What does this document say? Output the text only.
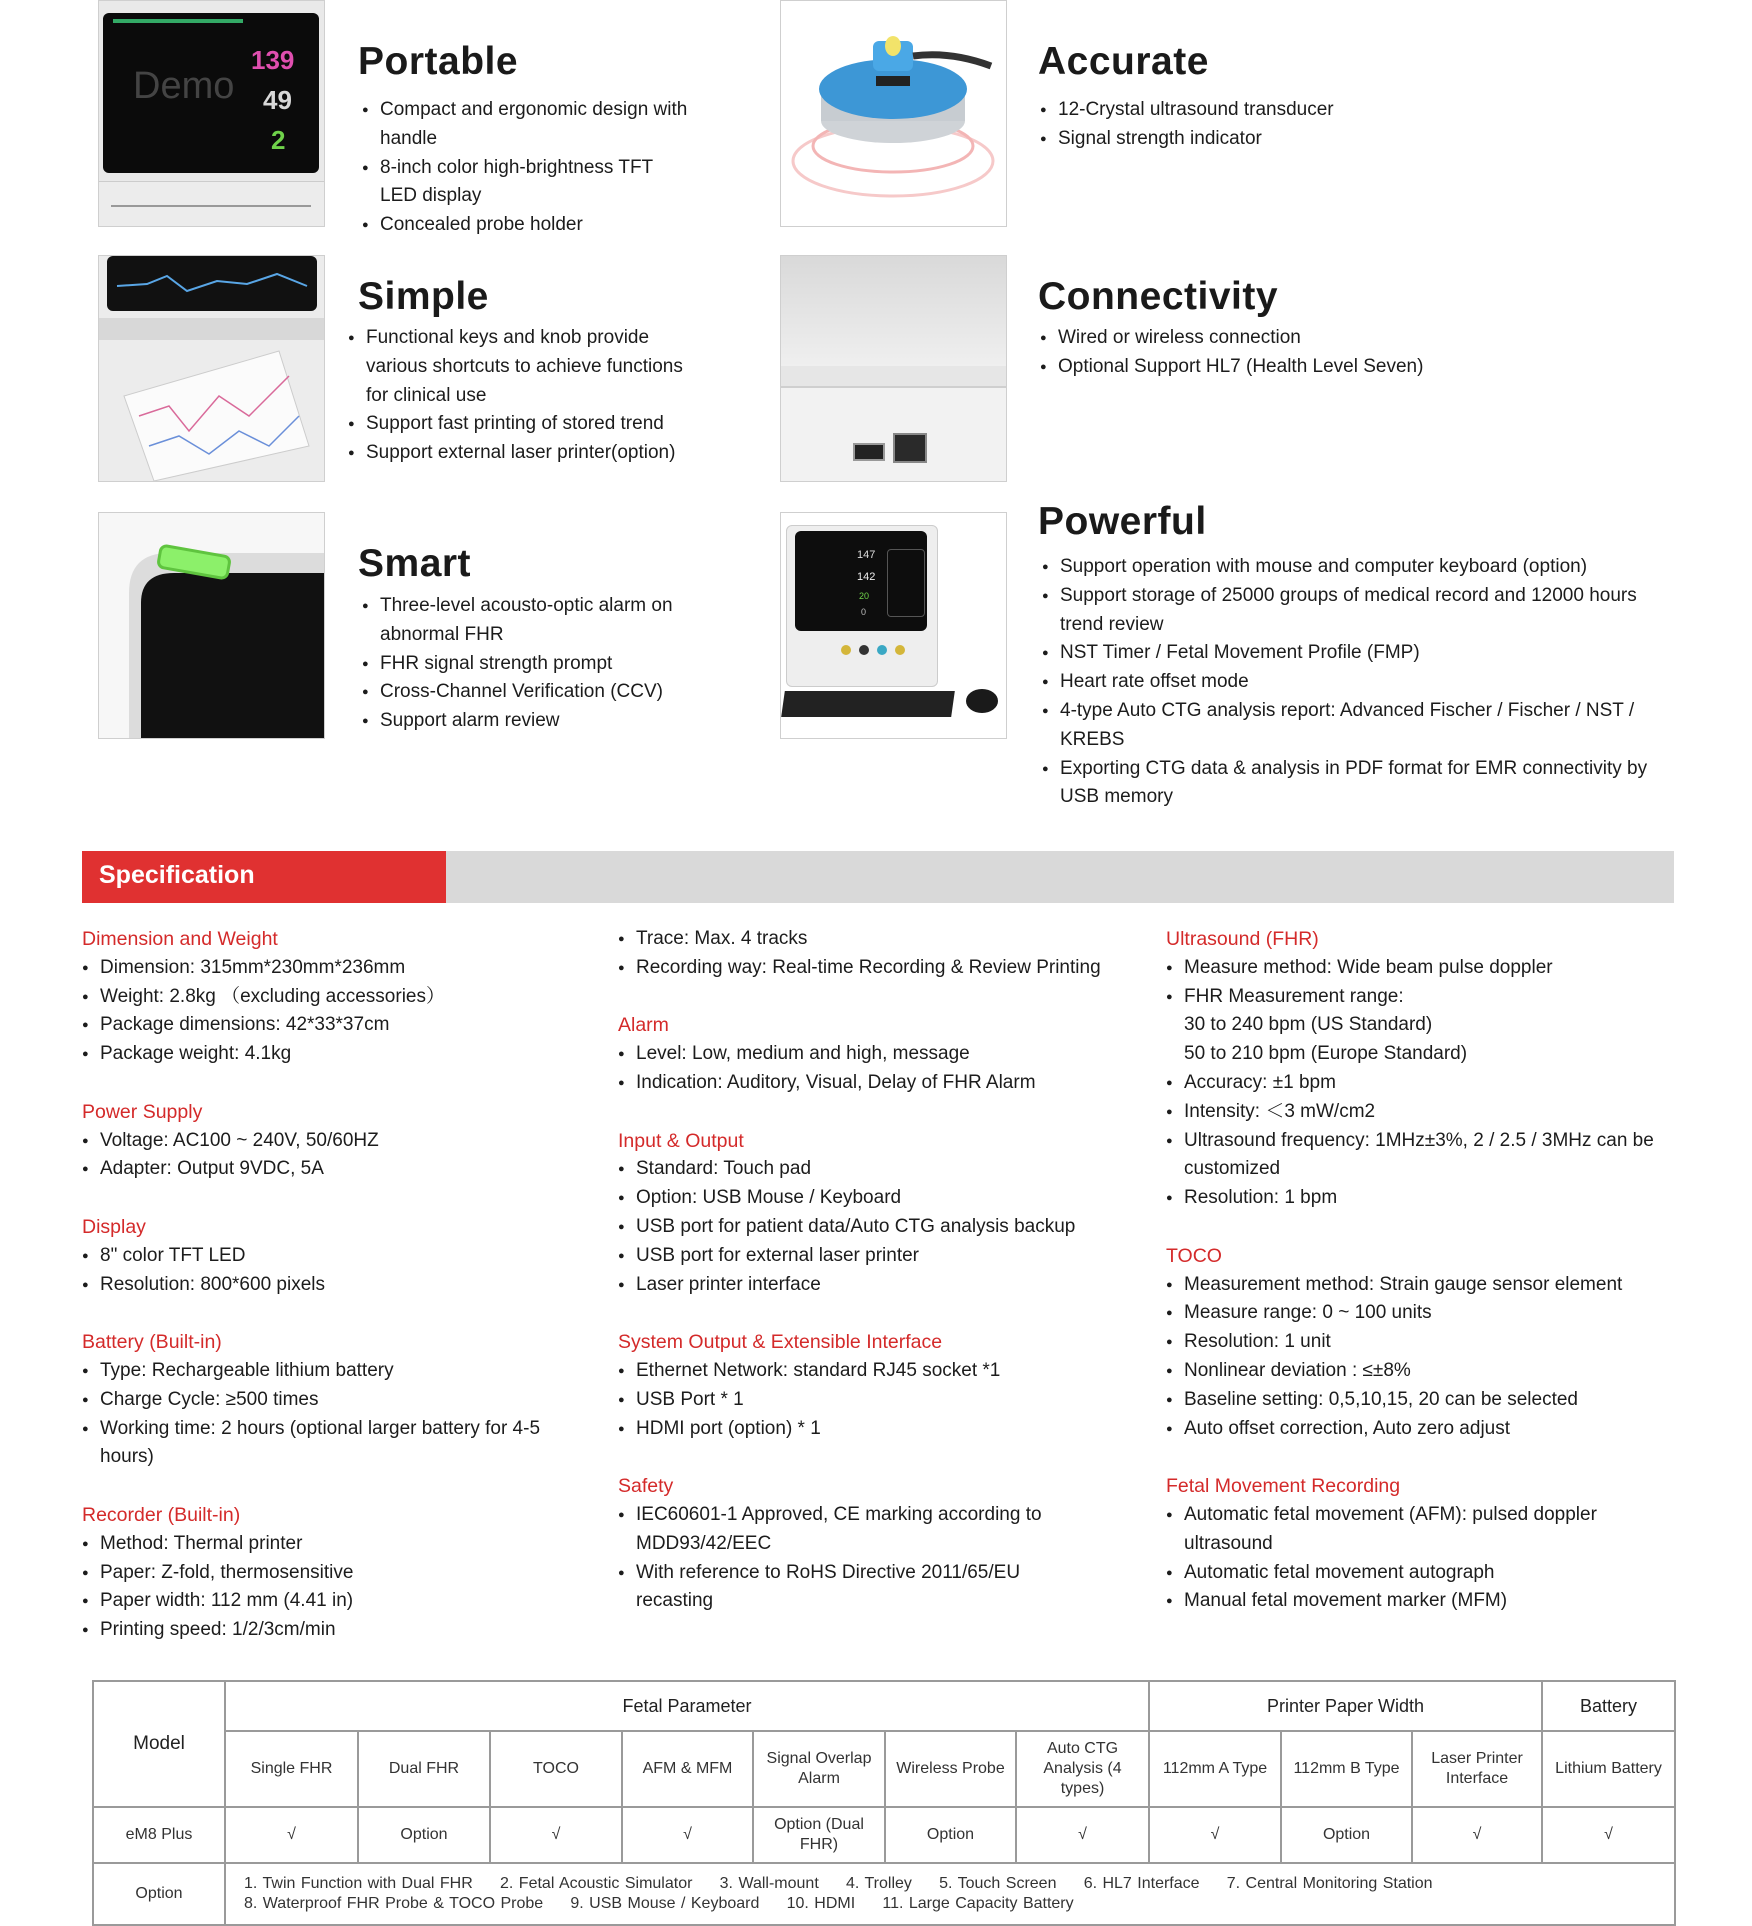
Demo
139
49
2
Portable
● Compact and ergonomic design with handle
● 8-inch color high-brightness TFT LED display
● Concealed probe holder
Accurate
● 12-Crystal ultrasound transducer
● Signal strength indicator
Simple
● Functional keys and knob provide various shortcuts to achieve functions for clinical use
● Support fast printing of stored trend
● Support external laser printer(option)
Connectivity
● Wired or wireless connection
● Optional Support HL7 (Health Level Seven)
Smart
● Three-level acousto-optic alarm on abnormal FHR
● FHR signal strength prompt
● Cross-Channel Verification (CCV)
● Support alarm review
147
142
20
0
Powerful
● Support operation with mouse and computer keyboard (option)
● Support storage of 25000 groups of medical record and 12000 hours trend review
● NST Timer / Fetal Movement Profile (FMP)
● Heart rate offset mode
● 4-type Auto CTG analysis report: Advanced Fischer / Fischer / NST / KREBS
● Exporting CTG data & analysis in PDF format for EMR connectivity by USB memory
Specification
Dimension and Weight
● Dimension: 315mm*230mm*236mm
● Weight: 2.8kg （excluding accessories）
● Package dimensions: 42*33*37cm
● Package weight: 4.1kg
Power Supply
● Voltage: AC100 ~ 240V, 50/60HZ
● Adapter: Output 9VDC, 5A
Display
● 8" color TFT LED
● Resolution: 800*600 pixels
Battery (Built-in)
● Type: Rechargeable lithium battery
● Charge Cycle: ≥500 times
● Working time: 2 hours (optional larger battery for 4-5 hours)
Recorder (Built-in)
● Method: Thermal printer
● Paper: Z-fold, thermosensitive
● Paper width: 112 mm (4.41 in)
● Printing speed: 1/2/3cm/min
● Trace: Max. 4 tracks
● Recording way: Real-time Recording & Review Printing
Alarm
● Level: Low, medium and high, message
● Indication: Auditory, Visual, Delay of FHR Alarm
Input & Output
● Standard: Touch pad
● Option: USB Mouse / Keyboard
● USB port for patient data/Auto CTG analysis backup
● USB port for external laser printer
● Laser printer interface
System Output & Extensible Interface
● Ethernet Network: standard RJ45 socket *1
● USB Port * 1
● HDMI port (option) * 1
Safety
● IEC60601-1 Approved, CE marking according to MDD93/42/EEC
● With reference to RoHS Directive 2011/65/EU recasting
Ultrasound (FHR)
● Measure method: Wide beam pulse doppler
● FHR Measurement range:
30 to 240 bpm (US Standard)
50 to 210 bpm (Europe Standard)
● Accuracy: ±1 bpm
● Intensity: ＜3 mW/cm2
● Ultrasound frequency: 1MHz±3%, 2 / 2.5 / 3MHz can be customized
● Resolution: 1 bpm
TOCO
● Measurement method: Strain gauge sensor element
● Measure range: 0 ~ 100 units
● Resolution: 1 unit
● Nonlinear deviation : ≤±8%
● Baseline setting: 0,5,10,15, 20 can be selected
● Auto offset correction, Auto zero adjust
Fetal Movement Recording
● Automatic fetal movement (AFM): pulsed doppler ultrasound
● Automatic fetal movement autograph
● Manual fetal movement marker (MFM)
Model	Fetal Parameter							Printer Paper Width			Battery
	Single FHR	Dual FHR	TOCO	AFM & MFM	Signal Overlap Alarm	Wireless Probe	Auto CTG Analysis (4 types)	112mm A Type	112mm B Type	Laser Printer Interface	Lithium Battery
eM8 Plus	√	Option	√	√	Option (Dual FHR)	Option	√	√	Option	√	√
Option	1. Twin Function with Dual FHR     2. Fetal Acoustic Simulator     3. Wall-mount     4. Trolley     5. Touch Screen     6. HL7 Interface     7. Central Monitoring Station
8. Waterproof FHR Probe & TOCO Probe     9. USB Mouse / Keyboard     10. HDMI     11. Large Capacity Battery										
